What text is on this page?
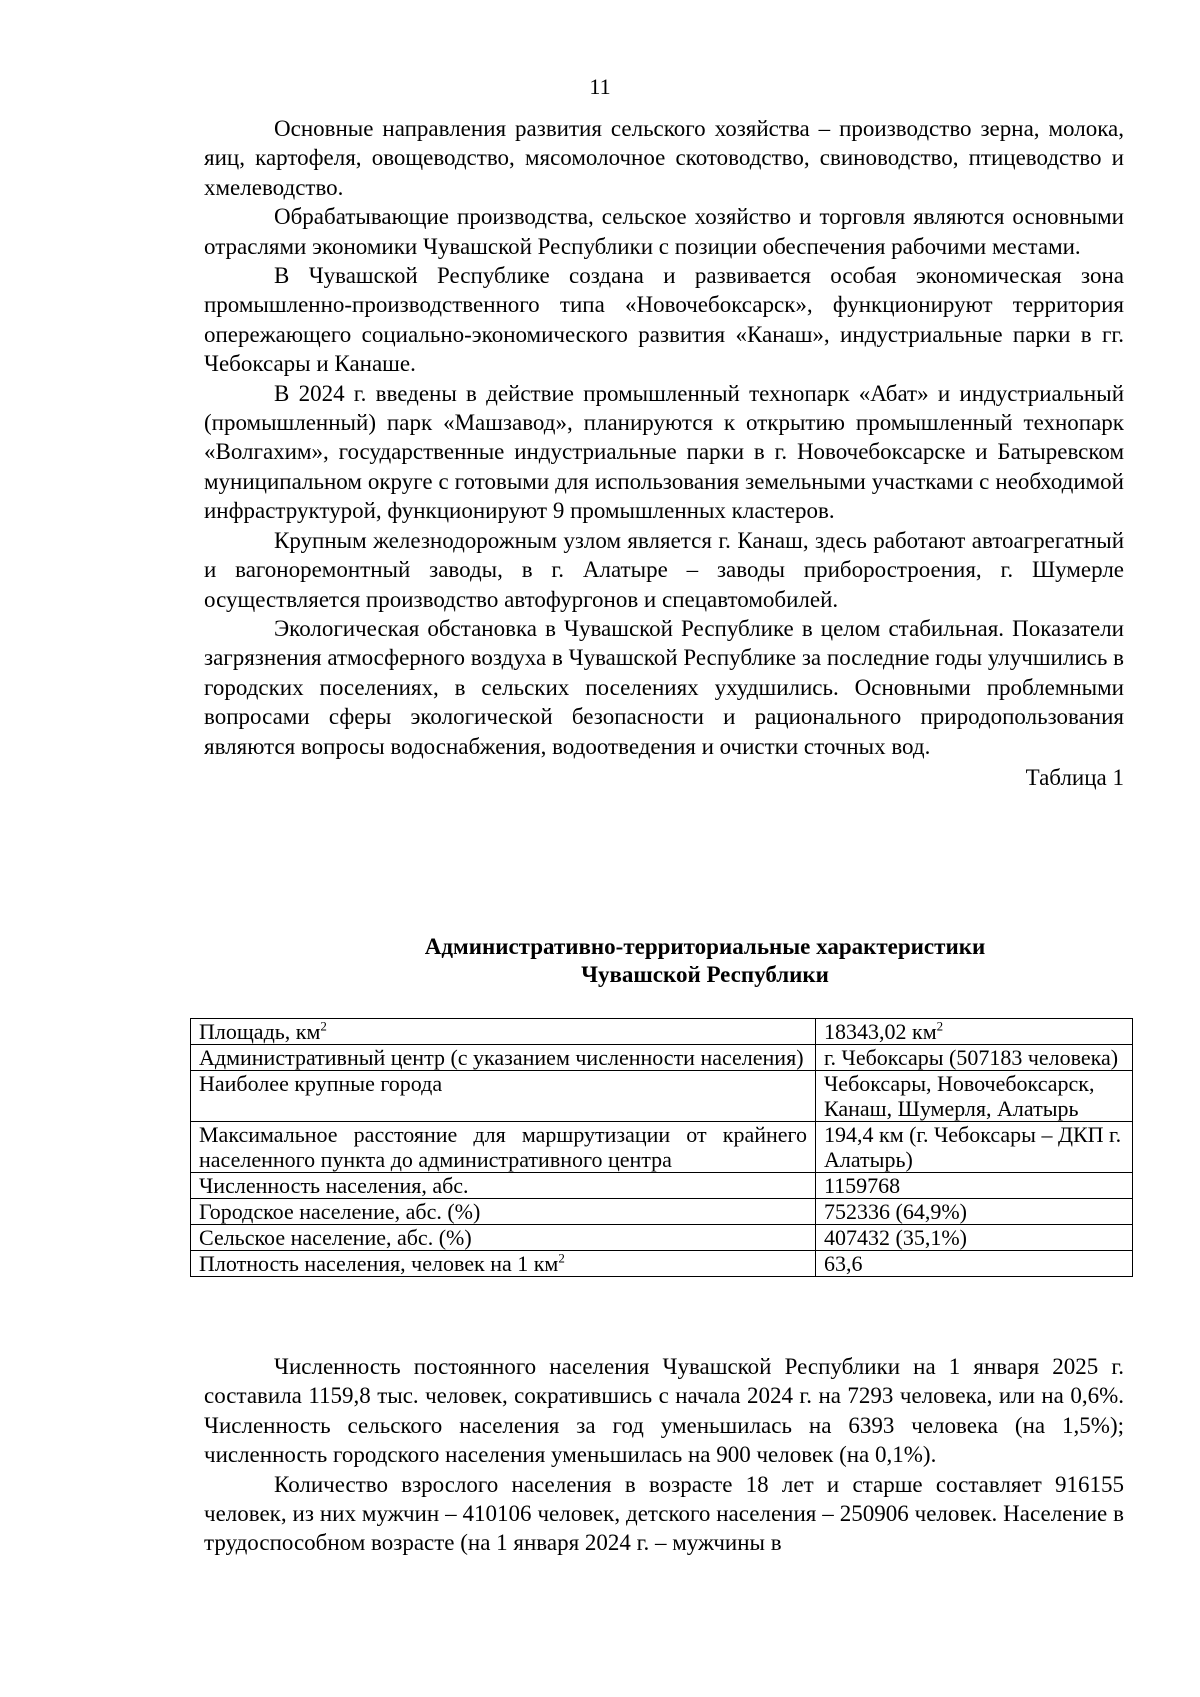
11

Основные направления развития сельского хозяйства – производство зерна, молока, яиц, картофеля, овощеводство, мясомолочное скотоводство, свиноводство, птицеводство и хмелеводство.

Обрабатывающие производства, сельское хозяйство и торговля являются основными отраслями экономики Чувашской Республики с позиции обеспечения рабочими местами.

В Чувашской Республике создана и развивается особая экономическая зона промышленно-производственного типа «Новочебоксарск», функционируют территория опережающего социально-экономического развития «Канаш», индустриальные парки в гг. Чебоксары и Канаше.

В 2024 г. введены в действие промышленный технопарк «Абат» и индустриальный (промышленный) парк «Машзавод», планируются к открытию промышленный технопарк «Волгахим», государственные индустриальные парки в г. Новочебоксарске и Батыревском муниципальном округе с готовыми для использования земельными участками с необходимой инфраструктурой, функционируют 9 промышленных кластеров.

Крупным железнодорожным узлом является г. Канаш, здесь работают автоагрегатный и вагоноремонтный заводы, в г. Алатыре – заводы приборостроения, г. Шумерле осуществляется производство автофургонов и спецавтомобилей.

Экологическая обстановка в Чувашской Республике в целом стабильная. Показатели загрязнения атмосферного воздуха в Чувашской Республике за последние годы улучшились в городских поселениях, в сельских поселениях ухудшились. Основными проблемными вопросами сферы экологической безопасности и рационального природопользования являются вопросы водоснабжения, водоотведения и очистки сточных вод.

Таблица 1

Административно-территориальные характеристики
Чувашской Республики
Площадь, $км^2$	18343,02 $км^2$
Административный центр (с указанием численности населения)	г. Чебоксары (507183 человека)
Наиболее крупные города	Чебоксары, Новочебоксарск, Канаш, Шумерля, Алатырь
Максимальное расстояние для маршрутизации от крайнего населенного пункта до административного центра	194,4 км (г. Чебоксары – ДКП г. Алатырь)
Численность населения, абс.	1159768
Городское население, абс. (%)	752336 (64,9%)
Сельское население, абс. (%)	407432 (35,1%)
Плотность населения, человек на 1 $км^2$	63,6

Численность постоянного населения Чувашской Республики на 1 января 2025 г. составила 1159,8 тыс. человек, сократившись с начала 2024 г. на 7293 человека, или на 0,6%. Численность сельского населения за год уменьшилась на 6393 человека (на 1,5%); численность городского населения уменьшилась на 900 человек (на 0,1%).

Количество взрослого населения в возрасте 18 лет и старше составляет 916155 человек, из них мужчин – 410106 человек, детского населения – 250906 человек. Население в трудоспособном возрасте (на 1 января 2024 г. – мужчины в
